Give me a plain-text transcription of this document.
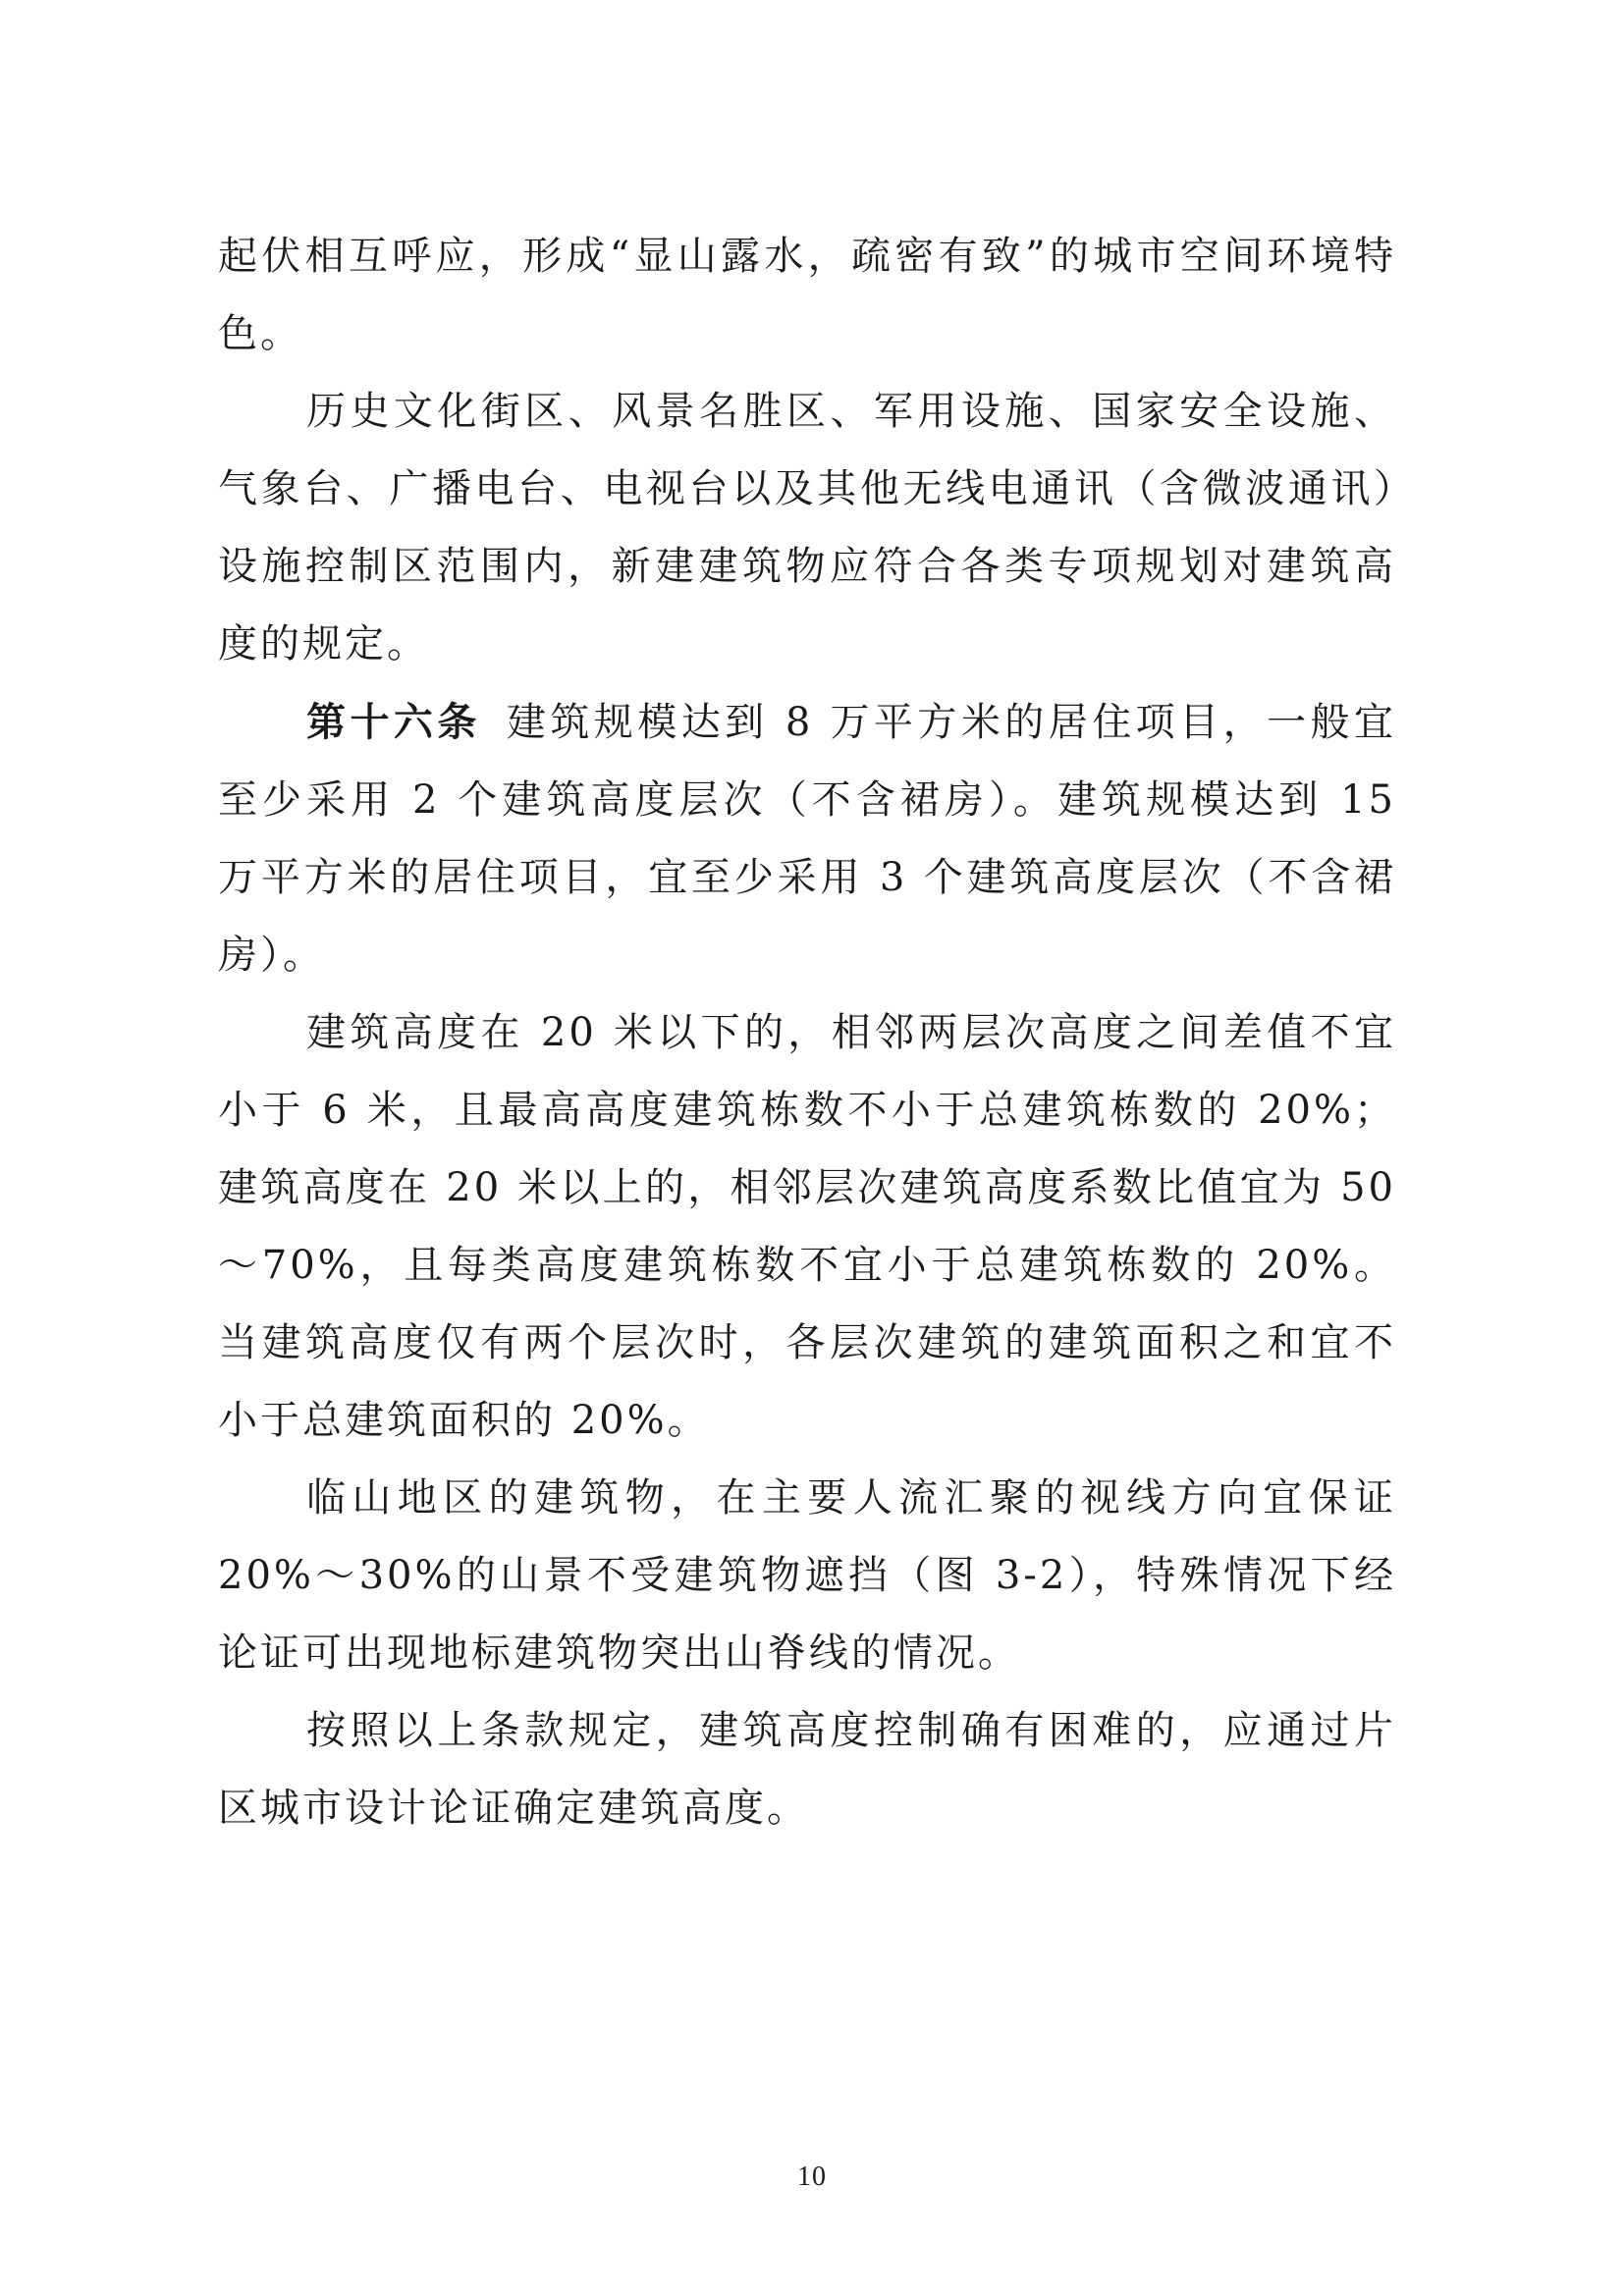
起伏相互呼应，形成“显山露水，疏密有致”的城市空间环境特色。

历史文化街区、风景名胜区、军用设施、国家安全设施、气象台、广播电台、电视台以及其他无线电通讯（含微波通讯）设施控制区范围内，新建建筑物应符合各类专项规划对建筑高度的规定。

第十六条 建筑规模达到 8 万平方米的居住项目，一般宜至少采用 2 个建筑高度层次（不含裙房）。建筑规模达到 15 万平方米的居住项目，宜至少采用 3 个建筑高度层次（不含裙房）。

建筑高度在 20 米以下的，相邻两层次高度之间差值不宜小于 6 米，且最高高度建筑栋数不小于总建筑栋数的 20%；建筑高度在 20 米以上的，相邻层次建筑高度系数比值宜为 50～70%，且每类高度建筑栋数不宜小于总建筑栋数的 20%。当建筑高度仅有两个层次时，各层次建筑的建筑面积之和宜不小于总建筑面积的 20%。

临山地区的建筑物，在主要人流汇聚的视线方向宜保证 20%～30%的山景不受建筑物遮挡（图 3-2），特殊情况下经论证可出现地标建筑物突出山脊线的情况。

按照以上条款规定，建筑高度控制确有困难的，应通过片区城市设计论证确定建筑高度。

10
